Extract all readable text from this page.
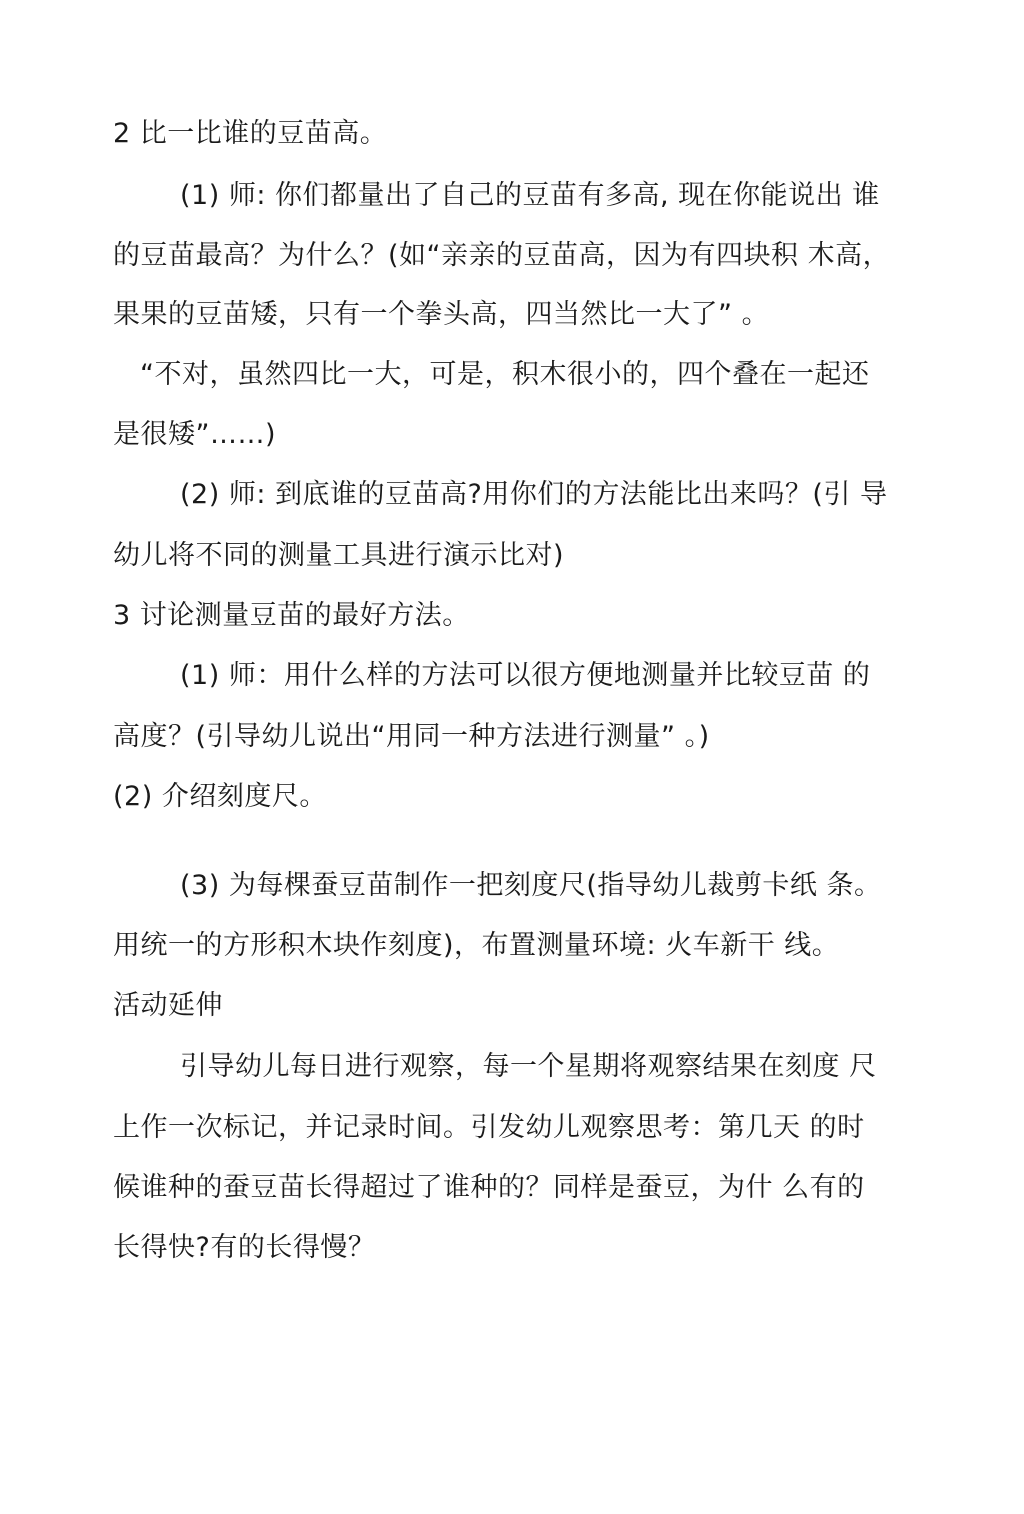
2 比一比谁的豆苗高。
(1) 师: 你们都量出了自己的豆苗有多高, 现在你能说出 谁
的豆苗最高？为什么？(如“亲亲的豆苗高，因为有四块积 木高，
果果的豆苗矮，只有一个拳头高，四当然比一大了” 。
“不对，虽然四比一大，可是，积木很小的，四个叠在一起还
是很矮”……)
(2) 师: 到底谁的豆苗高?用你们的方法能比出来吗？(引 导
幼儿将不同的测量工具进行演示比对)
3 讨论测量豆苗的最好方法。
(1) 师：用什么样的方法可以很方便地测量并比较豆苗 的
高度？(引导幼儿说出“用同一种方法进行测量” 。)
(2) 介绍刻度尺。
(3) 为每棵蚕豆苗制作一把刻度尺(指导幼儿裁剪卡纸 条。
用统一的方形积木块作刻度)，布置测量环境: 火车新干 线。
活动延伸
引导幼儿每日进行观察，每一个星期将观察结果在刻度 尺
上作一次标记，并记录时间。引发幼儿观察思考：第几天 的时
候谁种的蚕豆苗长得超过了谁种的？同样是蚕豆，为什 么有的
长得快?有的长得慢？
